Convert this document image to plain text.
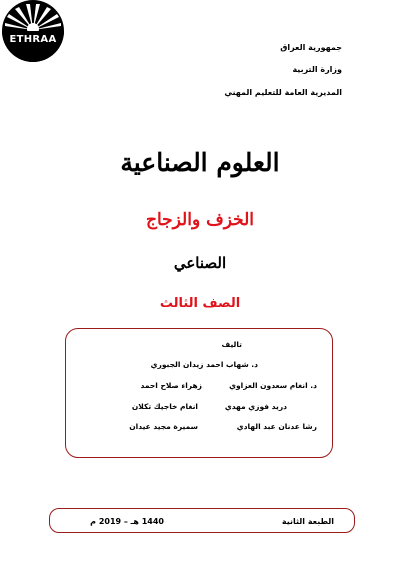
ETHRAA
جمهورية العراق
وزارة التربية
المديرية العامة للتعليم المهني
العلوم الصناعية
الخزف والزجاج
الصناعي
الصف الثالث
تاليف
د. شهاب احمد زيدان الجبوري
د. انغام سعدون العزاوي
زهراء صلاح احمد
دريد فوزي مهدي
انغام خاجيك تكلان
رشا عدنان عبد الهادي
سميرة مجيد عيدان
الطبعة الثانية
1440 هـ – 2019 م
